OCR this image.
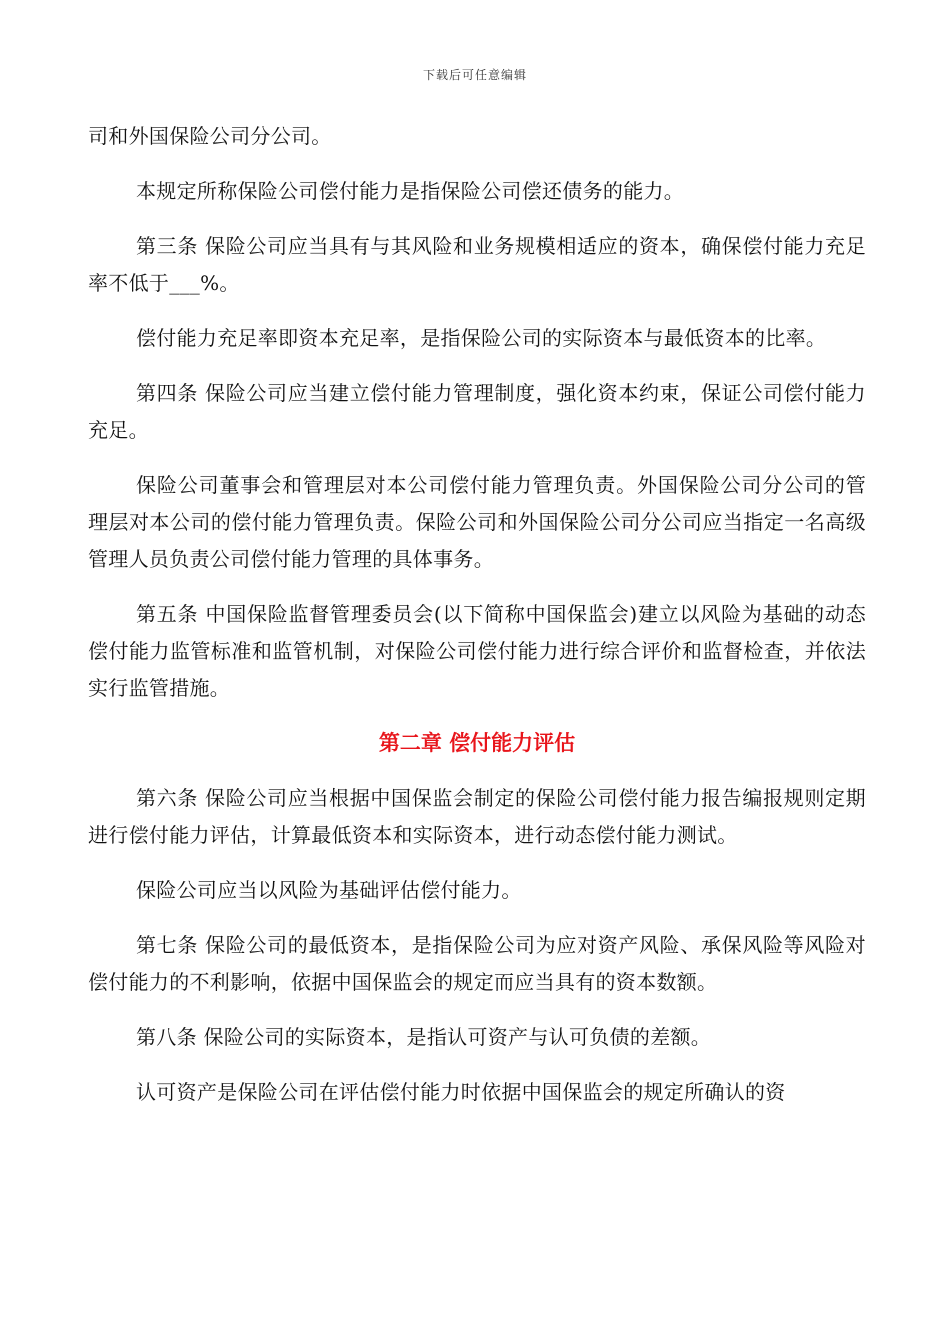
下载后可任意编辑

司和外国保险公司分公司。

本规定所称保险公司偿付能力是指保险公司偿还债务的能力。

第三条 保险公司应当具有与其风险和业务规模相适应的资本，确保偿付能力充足率不低于___%。

偿付能力充足率即资本充足率，是指保险公司的实际资本与最低资本的比率。

第四条 保险公司应当建立偿付能力管理制度，强化资本约束，保证公司偿付能力充足。

保险公司董事会和管理层对本公司偿付能力管理负责。外国保险公司分公司的管理层对本公司的偿付能力管理负责。保险公司和外国保险公司分公司应当指定一名高级管理人员负责公司偿付能力管理的具体事务。

第五条 中国保险监督管理委员会(以下简称中国保监会)建立以风险为基础的动态偿付能力监管标准和监管机制，对保险公司偿付能力进行综合评价和监督检查，并依法实行监管措施。

第二章 偿付能力评估

第六条 保险公司应当根据中国保监会制定的保险公司偿付能力报告编报规则定期进行偿付能力评估，计算最低资本和实际资本，进行动态偿付能力测试。

保险公司应当以风险为基础评估偿付能力。

第七条 保险公司的最低资本，是指保险公司为应对资产风险、承保风险等风险对偿付能力的不利影响，依据中国保监会的规定而应当具有的资本数额。

第八条 保险公司的实际资本，是指认可资产与认可负债的差额。

认可资产是保险公司在评估偿付能力时依据中国保监会的规定所确认的资
